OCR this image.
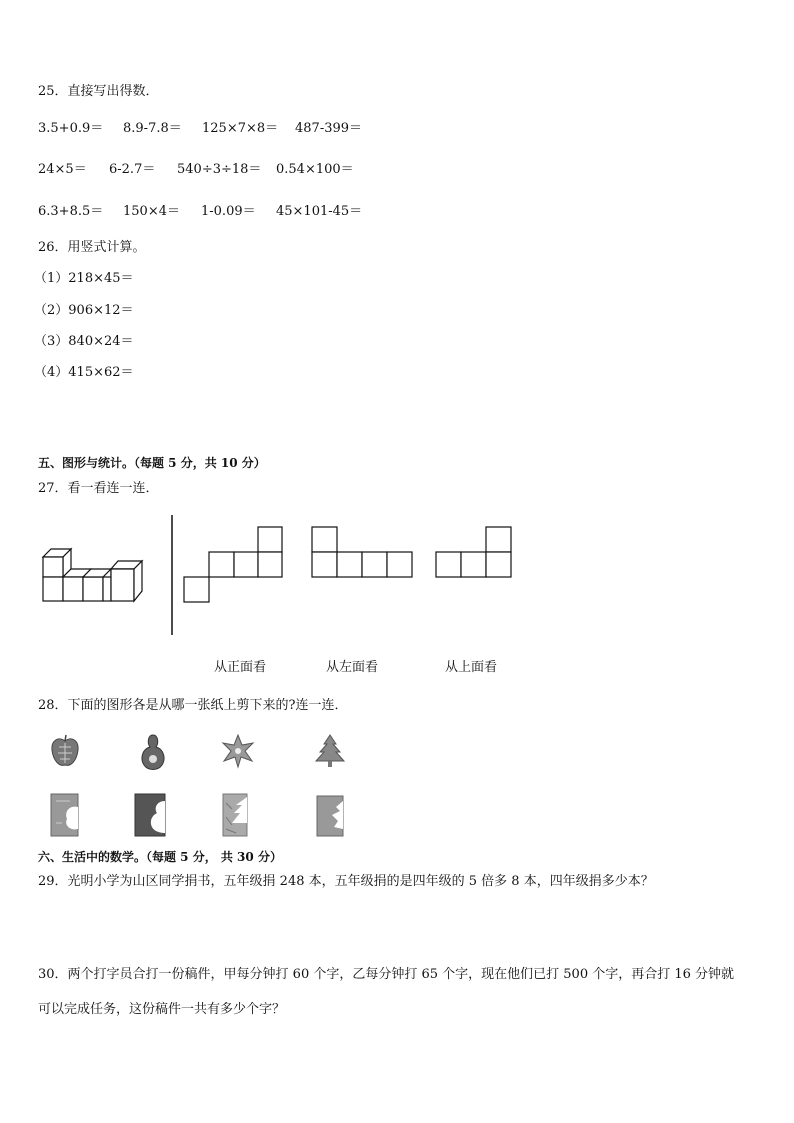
25．直接写出得数．
3.5+0.9＝ 8.9-7.8＝ 125×7×8＝ 487-399＝
24×5＝ 6-2.7＝ 540÷3÷18＝ 0.54×100＝
6.3+8.5＝ 150×4＝ 1-0.09＝ 45×101-45＝
26．用竖式计算。
（1）218×45＝
（2）906×12＝
（3）840×24＝
（4）415×62＝
五、图形与统计。（每题 5 分，共 10 分）
27．看一看连一连．
从正面看	从左面看	从上面看
28．下面的图形各是从哪一张纸上剪下来的?连一连．
六、生活中的数学。（每题 5 分， 共 30 分）
29．光明小学为山区同学捐书，五年级捐 248 本，五年级捐的是四年级的 5 倍多 8 本，四年级捐多少本？
30．两个打字员合打一份稿件，甲每分钟打 60 个字，乙每分钟打 65 个字，现在他们已打 500 个字，再合打 16 分钟就
可以完成任务，这份稿件一共有多少个字？
